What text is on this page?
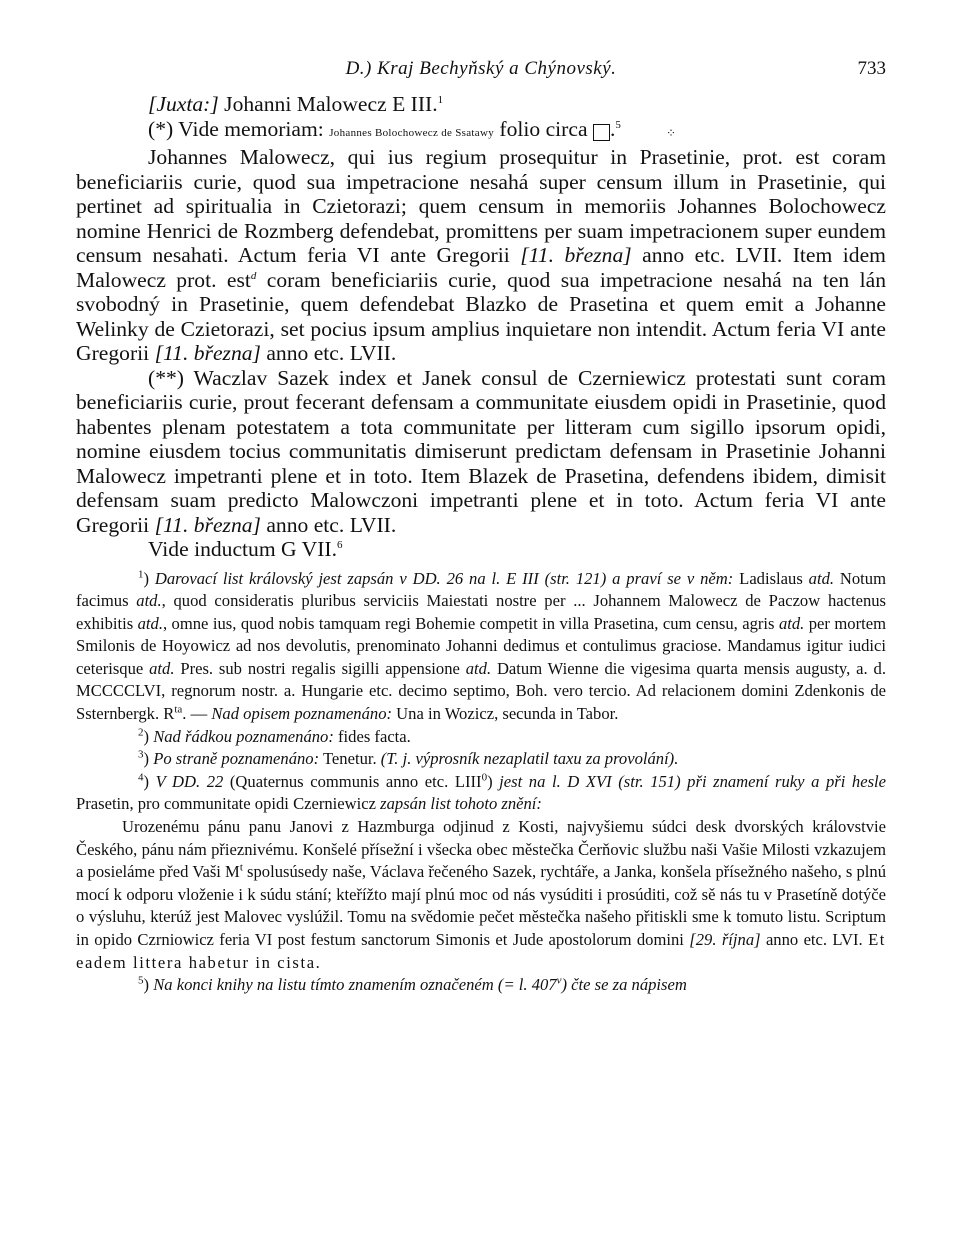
D.) Kraj Bechyňský a Chýnovský.	733

[Juxta:] Johanni Malowecz E III.$^1$

(*) Vide memoriam: Johannes Bolochowecz de Ssatawy folio circa	⁘.$^5$

Johannes Malowecz, qui ius regium prosequitur in Prasetinie, prot. est coram beneficiariis curie, quod sua impetracione nesahá super censum illum in Prasetinie, qui pertinet ad spiritualia in Czietorazi; quem censum in memoriis Johannes Bolochowecz nomine Henrici de Rozmberg defendebat, promittens per suam impetracionem super eundem censum nesahati. Actum feria VI ante Gregorii [11. března] anno etc. LVII. Item idem Malowecz prot. est$^d$ coram beneficiariis curie, quod sua impetracione nesahá na ten lán svobodný in Prasetinie, quem defendebat Blazko de Prasetina et quem emit a Johanne Welinky de Czietorazi, set pocius ipsum amplius inquietare non intendit. Actum feria VI ante Gregorii [11. března] anno etc. LVII.

(**) Waczlav Sazek index et Janek consul de Czerniewicz protestati sunt coram beneficiariis curie, prout fecerant defensam a communitate eiusdem opidi in Prasetinie, quod habentes plenam potestatem a tota communitate per litteram cum sigillo ipsorum opidi, nomine eiusdem tocius communitatis dimiserunt predictam defensam in Prasetinie Johanni Malowecz impetranti plene et in toto. Item Blazek de Prasetina, defendens ibidem, dimisit defensam suam predicto Malowczoni impetranti plene et in toto. Actum feria VI ante Gregorii [11. března] anno etc. LVII.

Vide inductum G VII.$^6$

$^1$) Darovací list královský jest zapsán v DD. 26 na l. E III (str. 121) a praví se v něm: Ladislaus atd. Notum facimus atd., quod consideratis pluribus serviciis Maiestati nostre per ... Johannem Malowecz de Paczow hactenus exhibitis atd., omne ius, quod nobis tamquam regi Bohemie competit in villa Prasetina, cum censu, agris atd. per mortem Smilonis de Hoyowicz ad nos devolutis, prenominato Johanni dedimus et contulimus graciose. Mandamus igitur iudici ceterisque atd. Pres. sub nostri regalis sigilli appensione atd. Datum Wienne die vigesima quarta mensis augusty, a. d. MCCCCLVI, regnorum nostr. a. Hungarie etc. decimo septimo, Boh. vero tercio. Ad relacionem domini Zdenkonis de Ssternbergk. $R^{ta}$. — Nad opisem poznamenáno: Una in Wozicz, secunda in Tabor.

$^2$) Nad řádkou poznamenáno: fides facta.

$^3$) Po straně poznamenáno: Tenetur. (T. j. výprosník nezaplatil taxu za provolání).

$^4$) V DD. 22 (Quaternus communis anno etc. LIII$^0$) jest na l. D XVI (str. 151) při znamení ruky a při hesle Prasetin, pro communitate opidi Czerniewicz zapsán list tohoto znění:

Urozenému pánu panu Janovi z Hazmburga odjinud z Kosti, najvyšiemu súdci desk dvorských královstvie Českého, pánu nám přieznivému. Konšelé přísežní i všecka obec městečka Čerňovic službu naši Vašie Milosti vzkazujem a posieláme před Vaši $M^t$ spolusúsedy naše, Václava řečeného Sazek, rychtáře, a Janka, konšela přísežného našeho, s plnú mocí k odporu vloženie i k súdu stání; kteřížto mají plnú moc od nás vysúditi i prosúditi, což sě nás tu v Prasetíně dotýče o výsluhu, kterúž jest Malovec vyslúžil. Tomu na svědomie pečet městečka našeho přitiskli sme k tomuto listu. Scriptum in opido Czrniowicz feria VI post festum sanctorum Simonis et Jude apostolorum domini [29. října] anno etc. LVI. Et eadem littera habetur in cista.

$^5$) Na konci knihy na listu tímto znamením označeném (= l. 407$^v$) čte se za nápisem
